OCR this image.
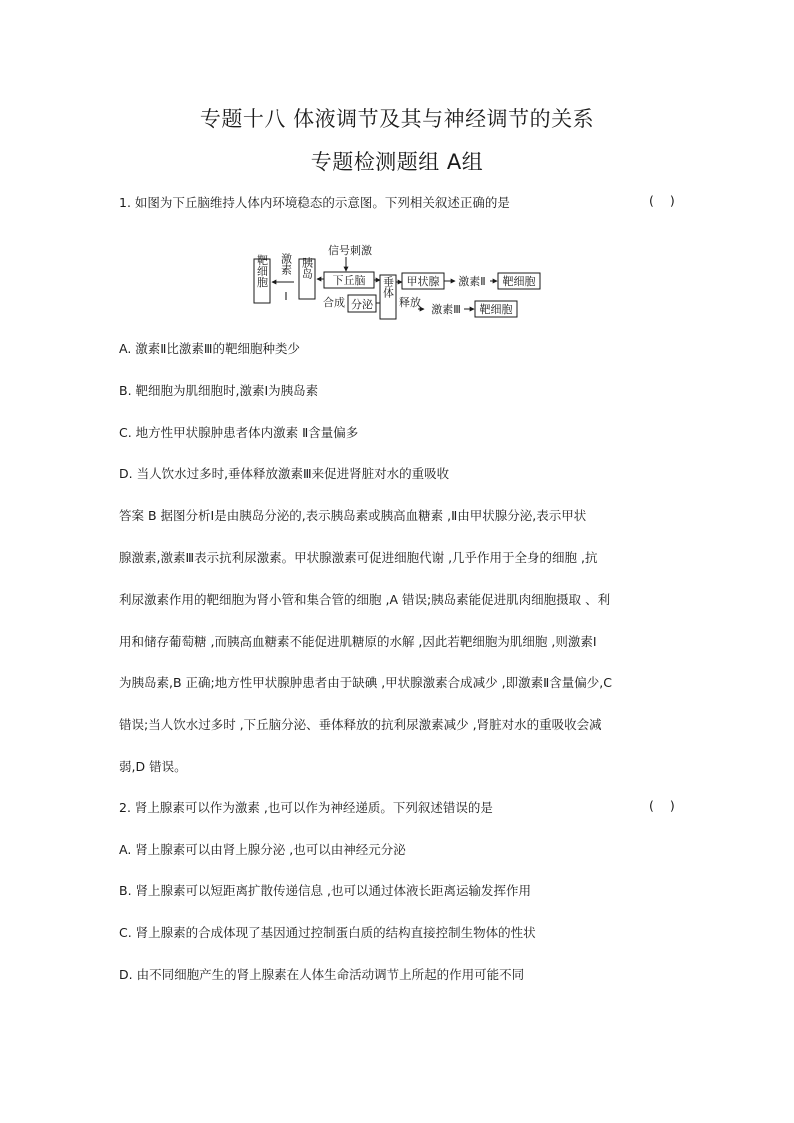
专题十八 体液调节及其与神经调节的关系
专题检测题组 A组
1. 如图为下丘脑维持人体内环境稳态的示意图。下列相关叙述正确的是	( )
靶细胞 激素
Ⅰ
胰岛
信号刺激
下丘脑
合成 分泌
垂体
释放
甲状腺 激素Ⅱ 靶细胞
激素Ⅲ 靶细胞
A. 激素Ⅱ比激素Ⅲ的靶细胞种类少
B. 靶细胞为肌细胞时,激素Ⅰ为胰岛素
C. 地方性甲状腺肿患者体内激素 Ⅱ含量偏多
D. 当人饮水过多时,垂体释放激素Ⅲ来促进肾脏对水的重吸收
答案 B 据图分析Ⅰ是由胰岛分泌的,表示胰岛素或胰高血糖素 ,Ⅱ由甲状腺分泌,表示甲状
腺激素,激素Ⅲ表示抗利尿激素。甲状腺激素可促进细胞代谢 ,几乎作用于全身的细胞 ,抗
利尿激素作用的靶细胞为肾小管和集合管的细胞 ,A 错误;胰岛素能促进肌肉细胞摄取 、利
用和储存葡萄糖 ,而胰高血糖素不能促进肌糖原的水解 ,因此若靶细胞为肌细胞 ,则激素Ⅰ
为胰岛素,B 正确;地方性甲状腺肿患者由于缺碘 ,甲状腺激素合成减少 ,即激素Ⅱ含量偏少,C
错误;当人饮水过多时 ,下丘脑分泌、垂体释放的抗利尿激素减少 ,肾脏对水的重吸收会减
弱,D 错误。
2. 肾上腺素可以作为激素 ,也可以作为神经递质。下列叙述错误的是	( )
A. 肾上腺素可以由肾上腺分泌 ,也可以由神经元分泌
B. 肾上腺素可以短距离扩散传递信息 ,也可以通过体液长距离运输发挥作用
C. 肾上腺素的合成体现了基因通过控制蛋白质的结构直接控制生物体的性状
D. 由不同细胞产生的肾上腺素在人体生命活动调节上所起的作用可能不同
